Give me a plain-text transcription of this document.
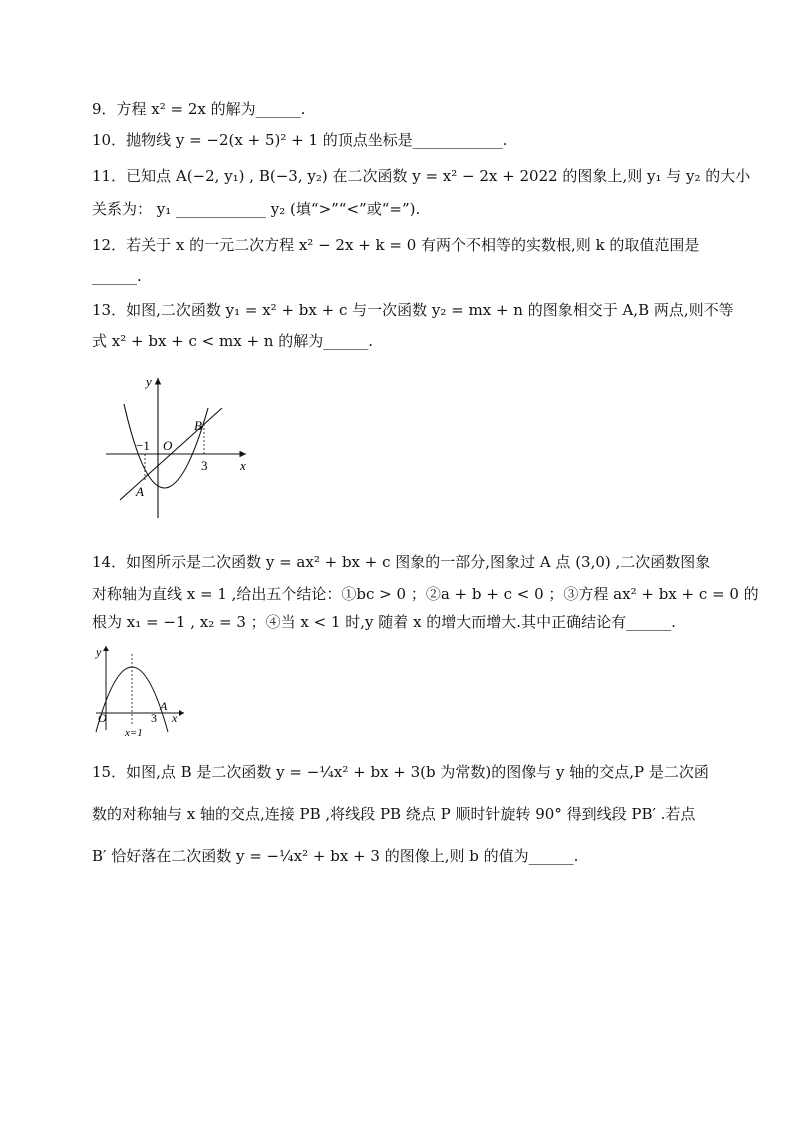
9．方程 x² = 2x 的解为______.
10．抛物线 y = −2(x + 5)² + 1 的顶点坐标是____________.
11．已知点 A(−2, y₁) , B(−3, y₂) 在二次函数 y = x² − 2x + 2022 的图象上,则 y₁ 与 y₂ 的大小
关系为： y₁ ____________ y₂ (填“>”“<”或“=”).
12．若关于 x 的一元二次方程 x² − 2x + k = 0 有两个不相等的实数根,则 k 的取值范围是
______.
13．如图,二次函数 y₁ = x² + bx + c 与一次函数 y₂ = mx + n 的图象相交于 A,B 两点,则不等
式 x² + bx + c < mx + n 的解为______.
y
x
O
−1
3
A
B
14．如图所示是二次函数 y = ax² + bx + c 图象的一部分,图象过 A 点 (3,0) ,二次函数图象
对称轴为直线 x = 1 ,给出五个结论：①bc > 0 ；②a + b + c < 0 ；③方程 ax² + bx + c = 0 的
根为 x₁ = −1 , x₂ = 3 ；④当 x < 1 时,y 随着 x 的增大而增大.其中正确结论有______.
y
x
O	3
A
x=1
15．如图,点 B 是二次函数 y = −¼x² + bx + 3(b 为常数)的图像与 y 轴的交点,P 是二次函
数的对称轴与 x 轴的交点,连接 PB ,将线段 PB 绕点 P 顺时针旋转 90° 得到线段 PB′ .若点
B′ 恰好落在二次函数 y = −¼x² + bx + 3 的图像上,则 b 的值为______.
